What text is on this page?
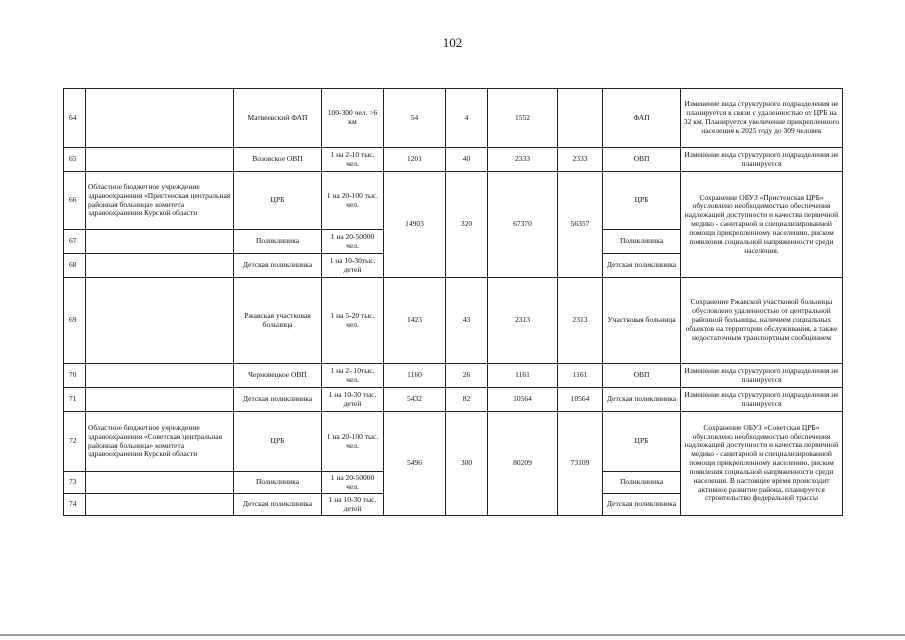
102
64		Матвеевский ФАП	100-300 чел. >6 км	54	4	1552		ФАП	Изменение вида структурного подразделения не планируется в связи с удаленностью от ЦРБ на 32 км. Планируется увеличение прикрепленного населения к 2025 году до 309 человек
65		Возовское ОВП	1 на 2-10 тыс. чел.	1201	40	2333	2333	ОВП	Изменение вида структурного подразделения не планируется
66	Областное бюджетное учреждение здравоохранения «Пристенская центральная районная больница» комитета здравоохранения Курской области	ЦРБ	1 на 20-100 тыс. чел.	14903	320	67370	56357	ЦРБ	Сохранение ОБУЗ «Пристенская ЦРБ» обусловлено необходимостью обеспечения надлежащей доступности и качества первичной медико - санитарной и специализированной помощи прикрепленному населению, риском появления социальной напряженности среди населения.
67		Поликлиника	1 на 20-50000 чел.					Поликлиника	
68		Детская поликлиника	1 на 10-30тыс. детей					Детская поликлиника	
69		Ржавская участковая больница	1 на 5-20 тыс. чел.	1423	43	2313	2313	Участковая больница	Сохранение Ржавской участковой больницы обусловлено удаленностью от центральной районной больницы, наличием социальных объектов на территории обслуживания, а также недостаточным транспортным сообщением
70		Черновецкое ОВП	1 на 2- 10тыс. чел.	1160	26	1161	1161	ОВП	Изменение вида структурного подразделения не планируется
71		Детская поликлиника	1 на 10-30 тыс. детей	5432	82	10564	10564	Детская поликлиника	Изменение вида структурного подразделения не планируется
72	Областное бюджетное учреждение здравоохранения «Советская центральная районная больница» комитета здравоохранения Курской области	ЦРБ	1 на 20-100 тыс. чел.	5496	300	80209	73109	ЦРБ	Сохранение ОБУЗ «Советская ЦРБ» обусловлено необходимостью обеспечения надлежащей доступности и качества первичной медико - санитарной и специализированной помощи прикрепленному населению, риском появления социальной напряженности среди населения. В настоящее время происходит активное развитие района, планируется строительство федеральной трассы
73		Поликлиника	1 на 20-50000 чел.					Поликлиника	
74		Детская поликлиника	1 на 10-30 тыс. детей					Детская поликлиника	
